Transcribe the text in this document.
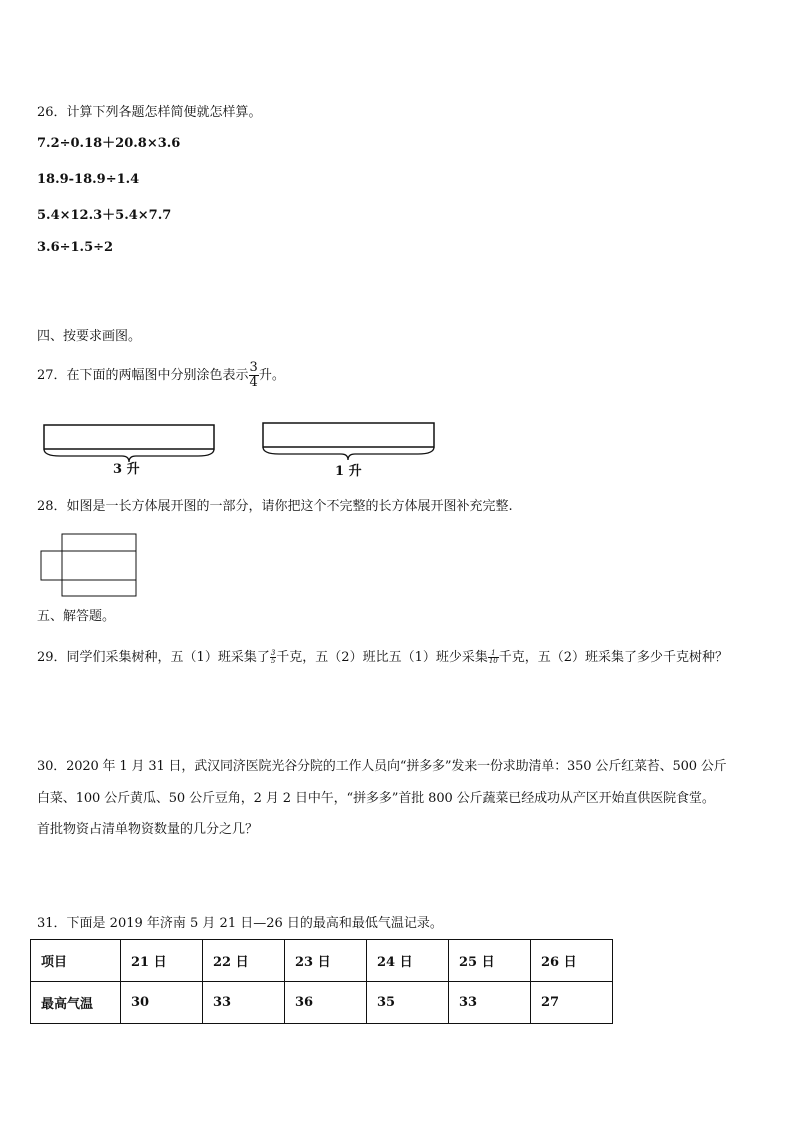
26．计算下列各题怎样简便就怎样算。
7.2÷0.18＋20.8×3.6
18.9-18.9÷1.4
5.4×12.3＋5.4×7.7
3.6÷1.5÷2
四、按要求画图。
27．在下面的两幅图中分别涂色表示 $\frac{3}{4}$ 升。
3 升	1 升
28．如图是一长方体展开图的一部分，请你把这个不完整的长方体展开图补充完整.
五、解答题。
29．同学们采集树种，五（1）班采集了 $\frac{3}{5}$ 千克，五（2）班比五（1）班少采集 $\frac{1}{10}$ 千克，五（2）班采集了多少千克树种？
30．2020 年 1 月 31 日，武汉同济医院光谷分院的工作人员向“拼多多”发来一份求助清单：350 公斤红菜苔、500 公斤
白菜、100 公斤黄瓜、50 公斤豆角，2 月 2 日中午，“拼多多”首批 800 公斤蔬菜已经成功从产区开始直供医院食堂。
首批物资占清单物资数量的几分之几？
31．下面是 2019 年济南 5 月 21 日—26 日的最高和最低气温记录。
项目	21 日	22 日	23 日	24 日	25 日	26 日
最高气温	30	33	36	35	33	27
